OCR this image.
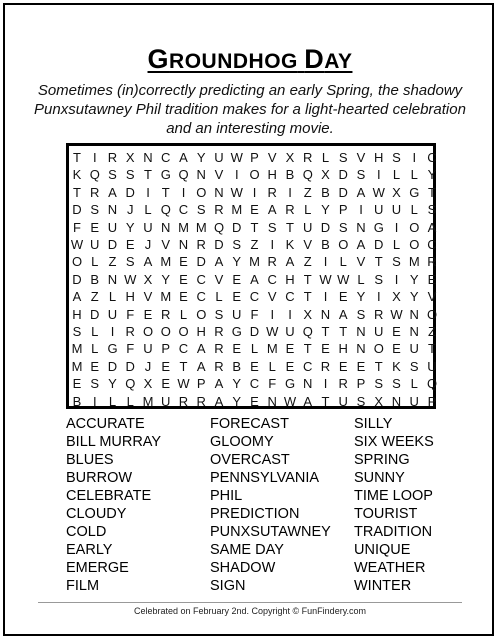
GROUNDHOG DAY

Sometimes (in)correctly predicting an early Spring, the shadowy Punxsutawney Phil tradition makes for a light-hearted celebration and an interesting movie.

T I R X N C A Y U W P V X R L S V H S I C
K Q S S T G Q N V I O H B Q X D S I L L Y
T R A D I T I O N W I R I Z B D A W X G T
D S N J L Q C S R M E A R L Y P I U U L S
F E U Y U N M M Q D T S T U D S N G I O A
W U D E J V N R D S Z I K V B O A D L O C
O L Z S A M E D A Y M R A Z I L V T S M R
D B N W X Y E C V E A C H T W W L S I Y E
A Z L H V M E C L E C V C T I E Y I X Y V
H D U F E R L O S U F I	I X N A S R W N O
S L I R O O O H R G D W U Q T T N U E N Z
M L G F U P C A R E L M E T E H N O E U T
M E D D J E T A R B E L E C R E E T K S U
E S Y Q X E W P A Y C F G N I R P S S L Q
B I L L M U R R A Y E N W A T U S X N U P
ACCURATE
BILL MURRAY
BLUES
BURROW
CELEBRATE
CLOUDY
COLD
EARLY
EMERGE
FILM
FORECAST
GLOOMY
OVERCAST
PENNSYLVANIA
PHIL
PREDICTION
PUNXSUTAWNEY
SAME DAY
SHADOW
SIGN
SILLY
SIX WEEKS
SPRING
SUNNY
TIME LOOP
TOURIST
TRADITION
UNIQUE
WEATHER
WINTER
Celebrated on February 2nd. Copyright © FunFindery.com
